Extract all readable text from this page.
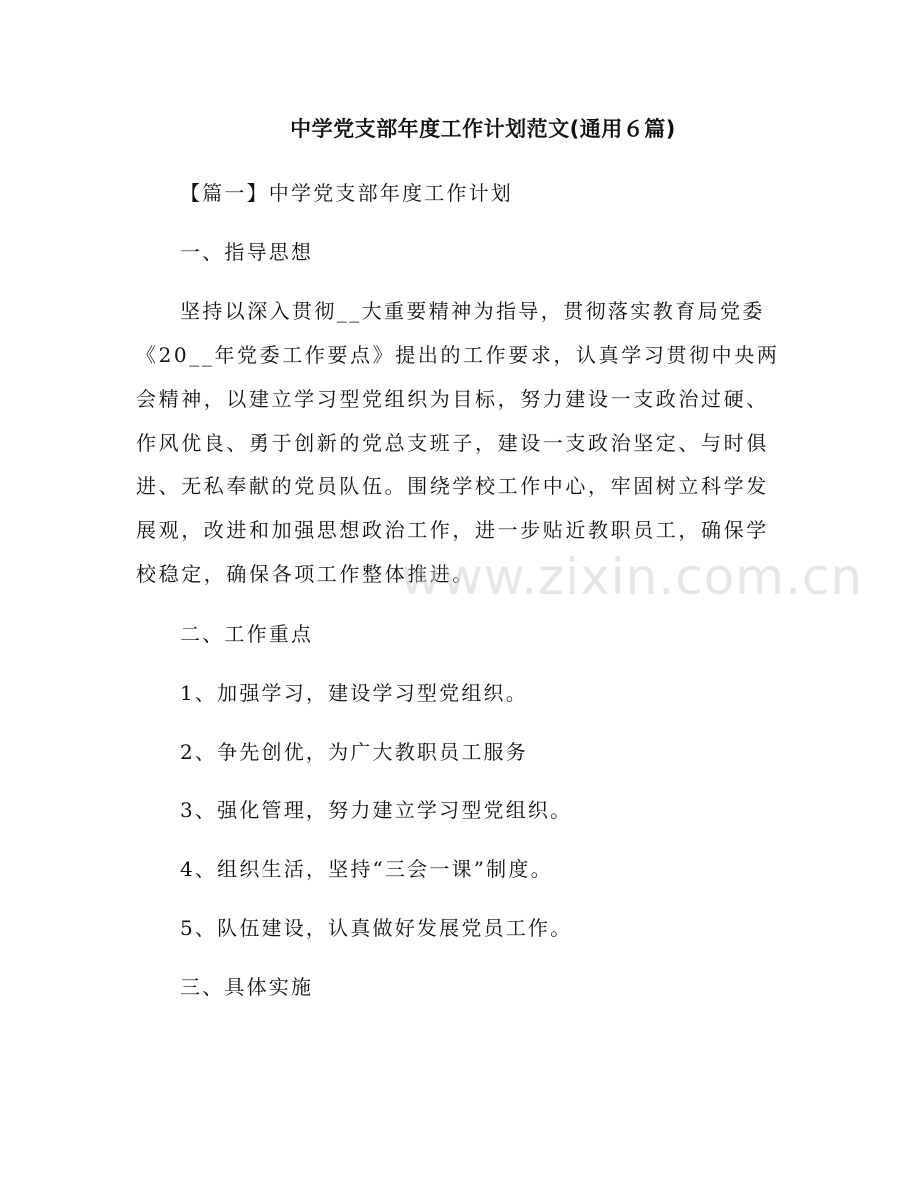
中学党支部年度工作计划范文(通用６篇)
【篇一】中学党支部年度工作计划
一、指导思想
坚持以深入贯彻__大重要精神为指导，贯彻落实教育局党委
《20__年党委工作要点》提出的工作要求，认真学习贯彻中央两
会精神，以建立学习型党组织为目标，努力建设一支政治过硬、
作风优良、勇于创新的党总支班子，建设一支政治坚定、与时俱
进、无私奉献的党员队伍。围绕学校工作中心，牢固树立科学发
展观，改进和加强思想政治工作，进一步贴近教职员工，确保学
校稳定，确保各项工作整体推进。
二、工作重点
1、加强学习，建设学习型党组织。
2、争先创优，为广大教职员工服务
3、强化管理，努力建立学习型党组织。
4、组织生活，坚持“三会一课”制度。
5、队伍建设，认真做好发展党员工作。
三、具体实施
www.zixin.com.cn
